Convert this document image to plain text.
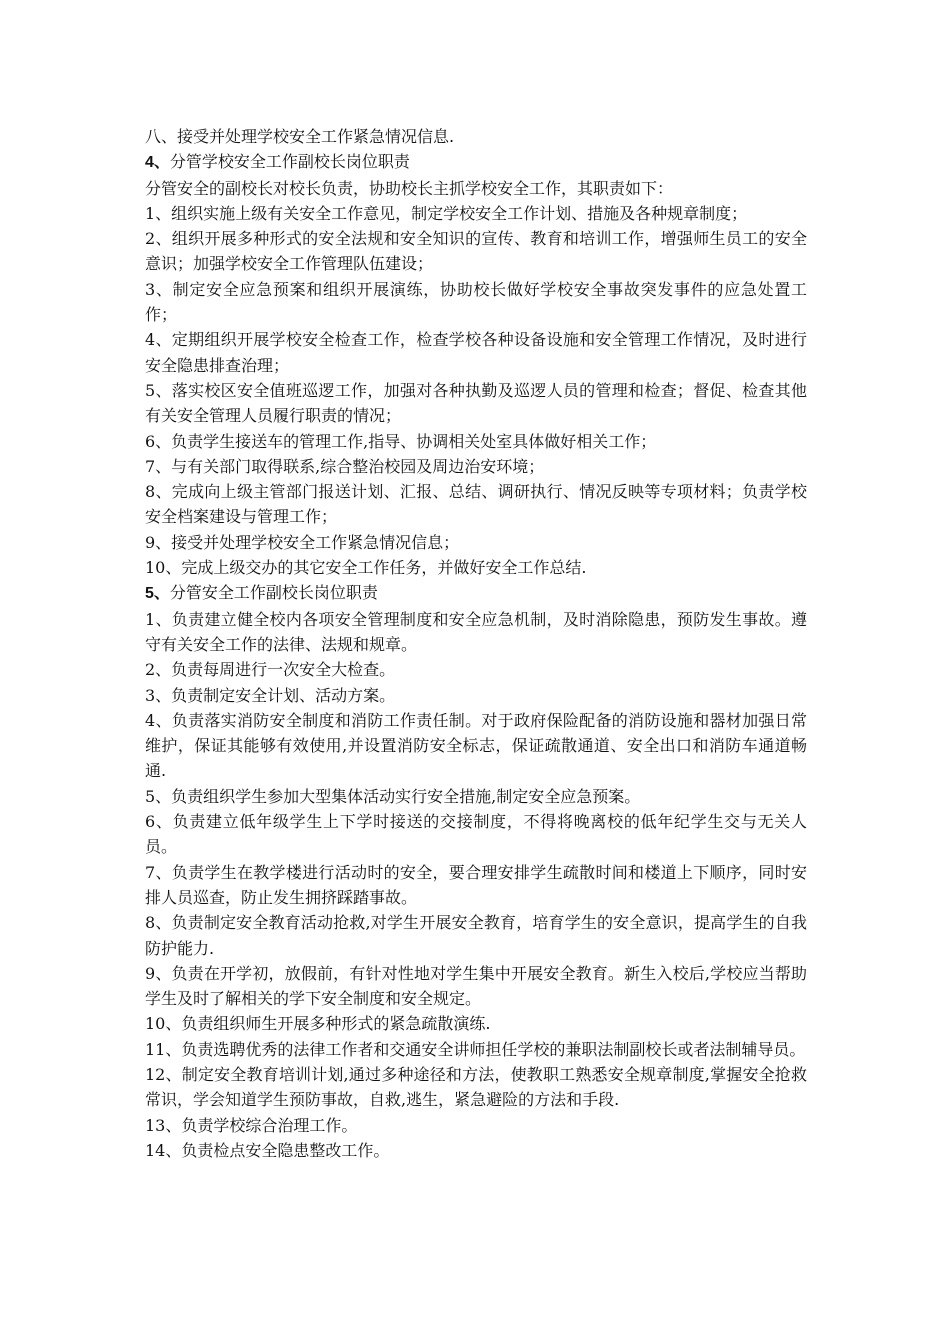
八、接受并处理学校安全工作紧急情况信息.

4、分管学校安全工作副校长岗位职责

分管安全的副校长对校长负责，协助校长主抓学校安全工作，其职责如下：

1、组织实施上级有关安全工作意见，制定学校安全工作计划、措施及各种规章制度；

2、组织开展多种形式的安全法规和安全知识的宣传、教育和培训工作，增强师生员工的安全意识；加强学校安全工作管理队伍建设；

3、制定安全应急预案和组织开展演练，协助校长做好学校安全事故突发事件的应急处置工作；

4、定期组织开展学校安全检查工作，检查学校各种设备设施和安全管理工作情况，及时进行安全隐患排查治理；

5、落实校区安全值班巡逻工作，加强对各种执勤及巡逻人员的管理和检查；督促、检查其他有关安全管理人员履行职责的情况；

6、负责学生接送车的管理工作,指导、协调相关处室具体做好相关工作；

7、与有关部门取得联系,综合整治校园及周边治安环境；

8、完成向上级主管部门报送计划、汇报、总结、调研执行、情况反映等专项材料；负责学校安全档案建设与管理工作；

9、接受并处理学校安全工作紧急情况信息；

10、完成上级交办的其它安全工作任务，并做好安全工作总结.

5、分管安全工作副校长岗位职责

1、负责建立健全校内各项安全管理制度和安全应急机制，及时消除隐患，预防发生事故。遵守有关安全工作的法律、法规和规章。

2、负责每周进行一次安全大检查。

3、负责制定安全计划、活动方案。

4、负责落实消防安全制度和消防工作责任制。对于政府保险配备的消防设施和器材加强日常维护，保证其能够有效使用,并设置消防安全标志，保证疏散通道、安全出口和消防车通道畅通.

5、负责组织学生参加大型集体活动实行安全措施,制定安全应急预案。

6、负责建立低年级学生上下学时接送的交接制度，不得将晚离校的低年纪学生交与无关人员。

7、负责学生在教学楼进行活动时的安全，要合理安排学生疏散时间和楼道上下顺序，同时安排人员巡查，防止发生拥挤踩踏事故。

8、负责制定安全教育活动抢救,对学生开展安全教育，培育学生的安全意识，提高学生的自我防护能力.

9、负责在开学初，放假前，有针对性地对学生集中开展安全教育。新生入校后,学校应当帮助学生及时了解相关的学下安全制度和安全规定。

10、负责组织师生开展多种形式的紧急疏散演练.

11、负责选聘优秀的法律工作者和交通安全讲师担任学校的兼职法制副校长或者法制辅导员。

12、制定安全教育培训计划,通过多种途径和方法，使教职工熟悉安全规章制度,掌握安全抢救常识，学会知道学生预防事故，自救,逃生，紧急避险的方法和手段.

13、负责学校综合治理工作。

14、负责检点安全隐患整改工作。
